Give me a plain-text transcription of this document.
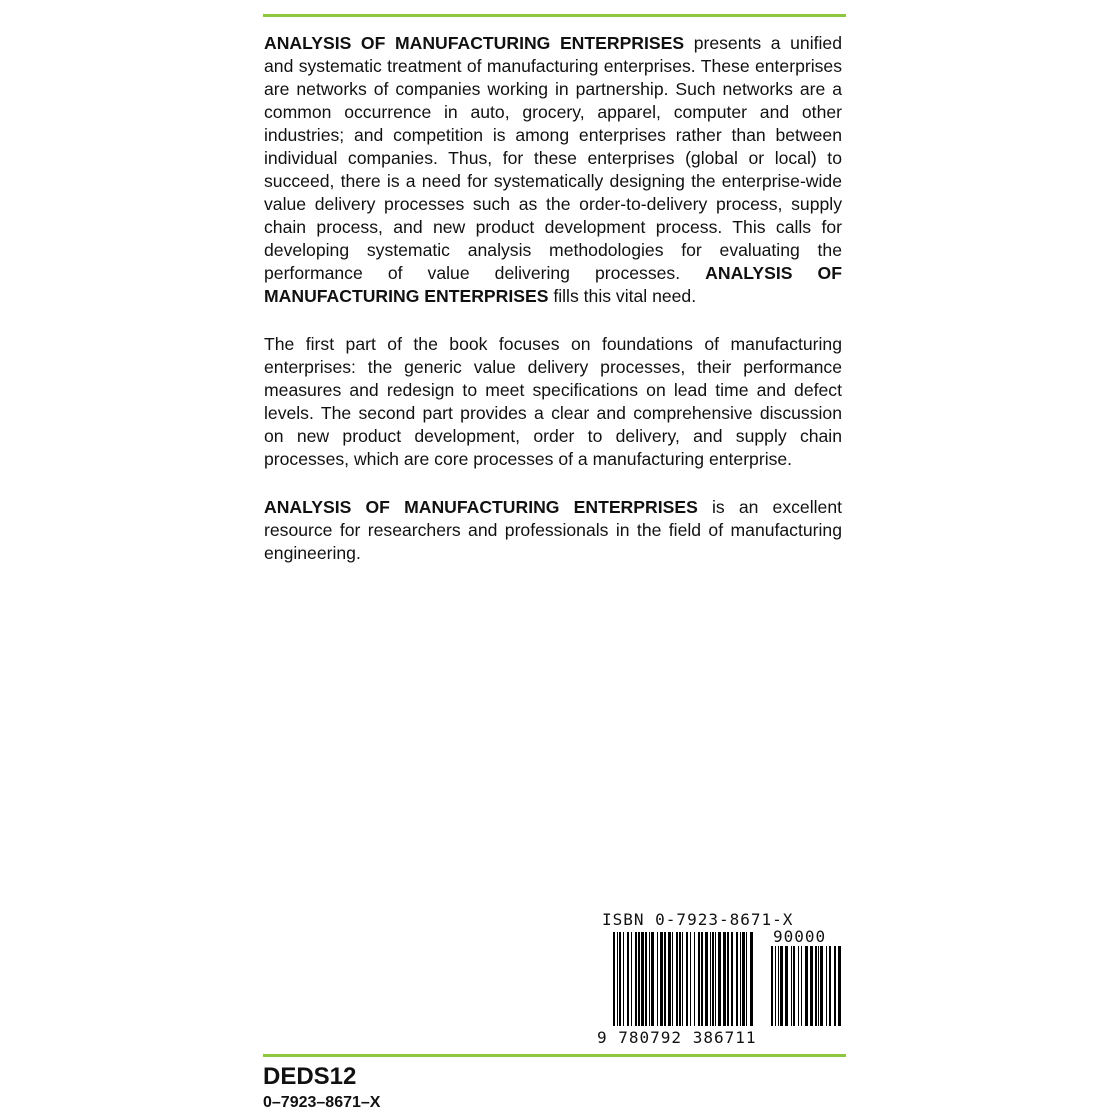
ANALYSIS OF MANUFACTURING ENTERPRISES presents a unified and systematic treatment of manufacturing enterprises. These enterprises are networks of companies working in partnership. Such networks are a common occurrence in auto, grocery, apparel, computer and other industries; and competition is among enterprises rather than between individual companies. Thus, for these enterprises (global or local) to succeed, there is a need for systematically designing the enterprise-wide value delivery processes such as the order-to-delivery process, supply chain process, and new product development process. This calls for developing systematic analysis methodologies for evaluating the performance of value delivering processes. ANALYSIS OF MANUFACTURING ENTERPRISES fills this vital need.

The first part of the book focuses on foundations of manufacturing enterprises: the generic value delivery processes, their performance measures and redesign to meet specifications on lead time and defect levels. The second part provides a clear and comprehensive discussion on new product development, order to delivery, and supply chain processes, which are core processes of a manufacturing enterprise.

ANALYSIS OF MANUFACTURING ENTERPRISES is an excellent resource for researchers and professionals in the field of manufacturing engineering.

ISBN 0-7923-8671-X
90000
9 780792 386711
DEDS12
0–7923–8671–X
